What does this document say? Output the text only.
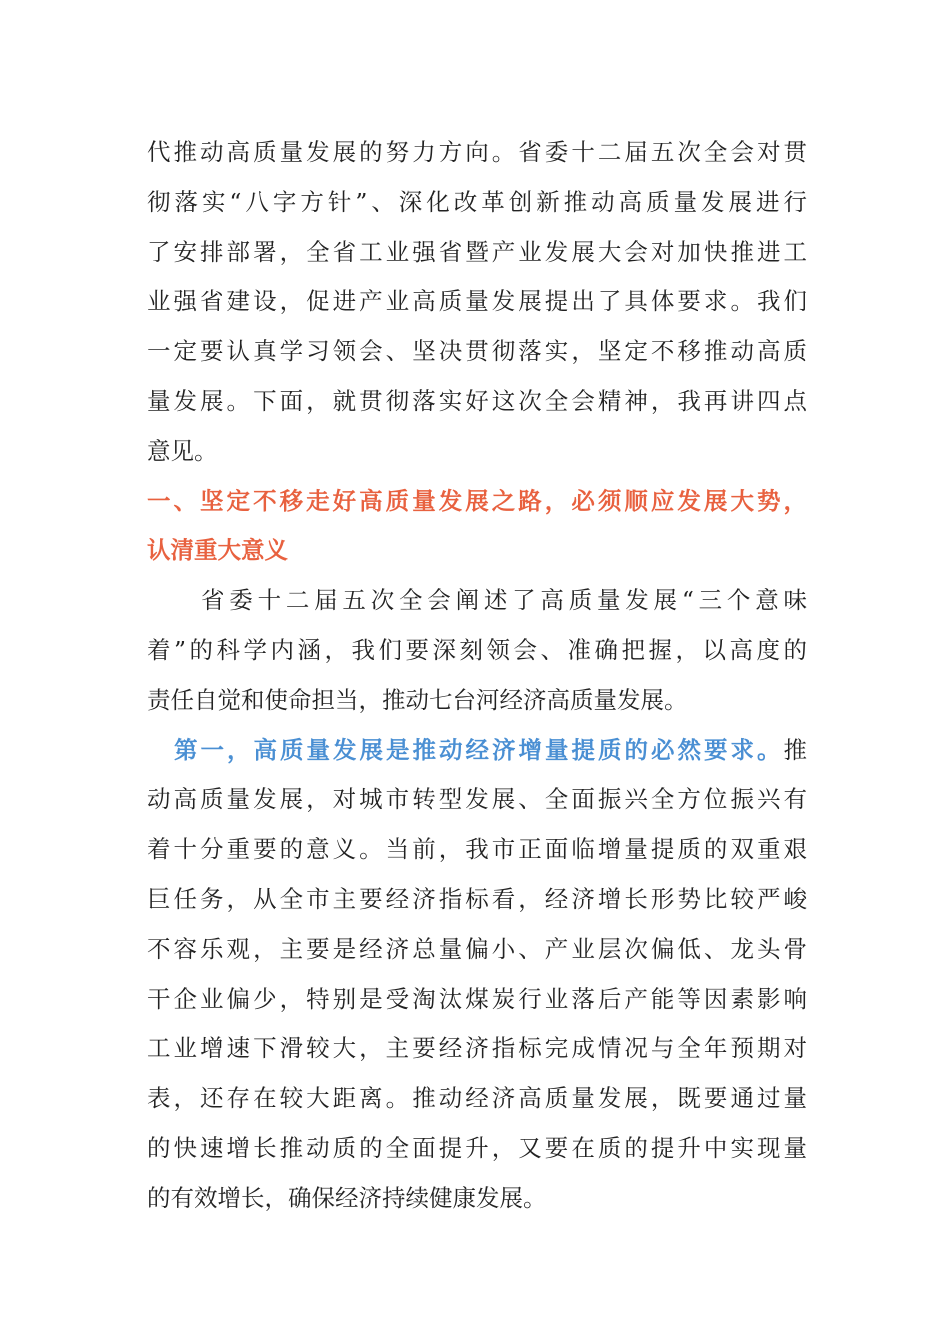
代推动高质量发展的努力方向。省委十二届五次全会对贯
彻落实“八字方针”、深化改革创新推动高质量发展进行
了安排部署，全省工业强省暨产业发展大会对加快推进工
业强省建设，促进产业高质量发展提出了具体要求。我们
一定要认真学习领会、坚决贯彻落实，坚定不移推动高质
量发展。下面，就贯彻落实好这次全会精神，我再讲四点
意见。
一、坚定不移走好高质量发展之路，必须顺应发展大势，
认清重大意义
省委十二届五次全会阐述了高质量发展“三个意味
着”的科学内涵，我们要深刻领会、准确把握，以高度的
责任自觉和使命担当，推动七台河经济高质量发展。
第一，高质量发展是推动经济增量提质的必然要求。推
动高质量发展，对城市转型发展、全面振兴全方位振兴有
着十分重要的意义。当前，我市正面临增量提质的双重艰
巨任务，从全市主要经济指标看，经济增长形势比较严峻
不容乐观，主要是经济总量偏小、产业层次偏低、龙头骨
干企业偏少，特别是受淘汰煤炭行业落后产能等因素影响
工业增速下滑较大，主要经济指标完成情况与全年预期对
表，还存在较大距离。推动经济高质量发展，既要通过量
的快速增长推动质的全面提升，又要在质的提升中实现量
的有效增长，确保经济持续健康发展。
